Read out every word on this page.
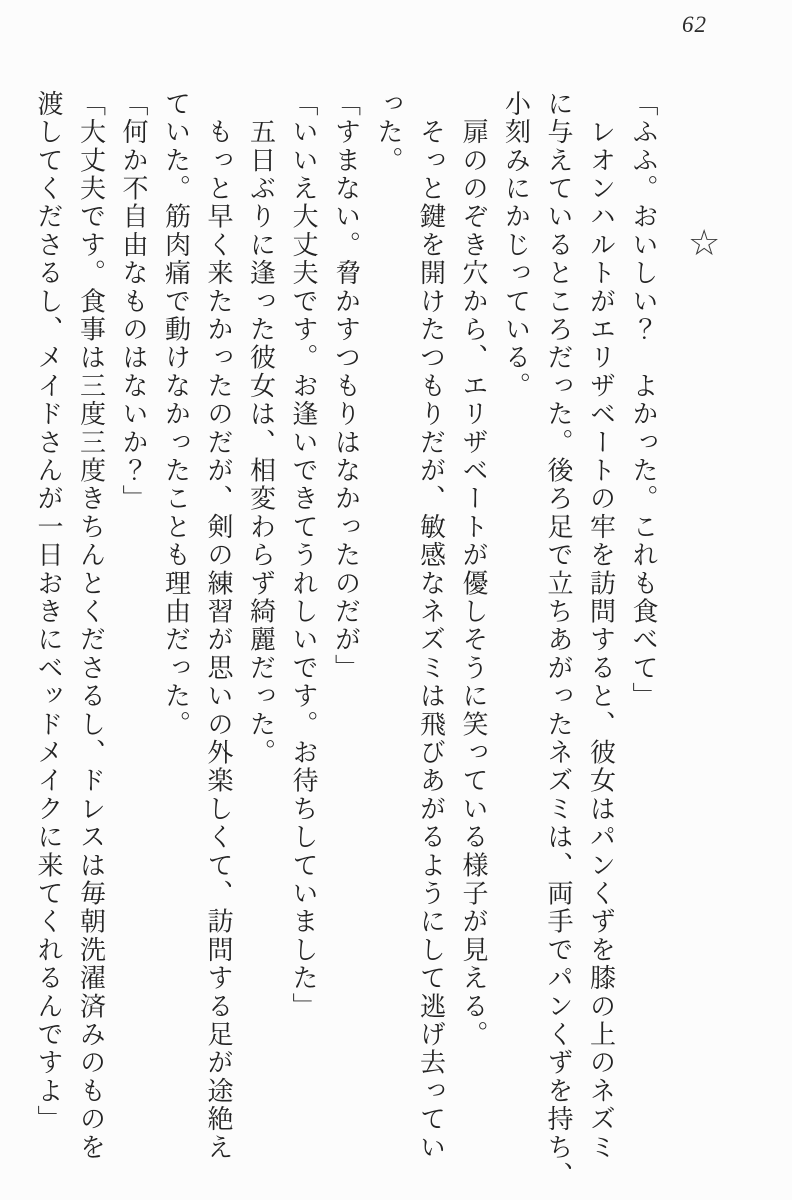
62
☆

「ふふ。おいしい？　よかった。これも食べて」

　レオンハルトがエリザベートの牢を訪問すると、彼女はパンくずを膝の上のネズミ

に与えているところだった。後ろ足で立ちあがったネズミは、両手でパンくずを持ち、

小刻みにかじっている。

　扉ののぞき穴から、エリザベートが優しそうに笑っている様子が見える。

　そっと鍵を開けたつもりだが、敏感なネズミは飛びあがるようにして逃げ去ってい

った。

「すまない。脅かすつもりはなかったのだが」

「いいえ大丈夫です。お逢いできてうれしいです。お待ちしていました」

　五日ぶりに逢った彼女は、相変わらず綺麗だった。

　もっと早く来たかったのだが、剣の練習が思いの外楽しくて、訪問する足が途絶え

ていた。筋肉痛で動けなかったことも理由だった。

「何か不自由なものはないか？」

「大丈夫です。食事は三度三度きちんとくださるし、ドレスは毎朝洗濯済みのものを

渡してくださるし、メイドさんが一日おきにベッドメイクに来てくれるんですよ」
